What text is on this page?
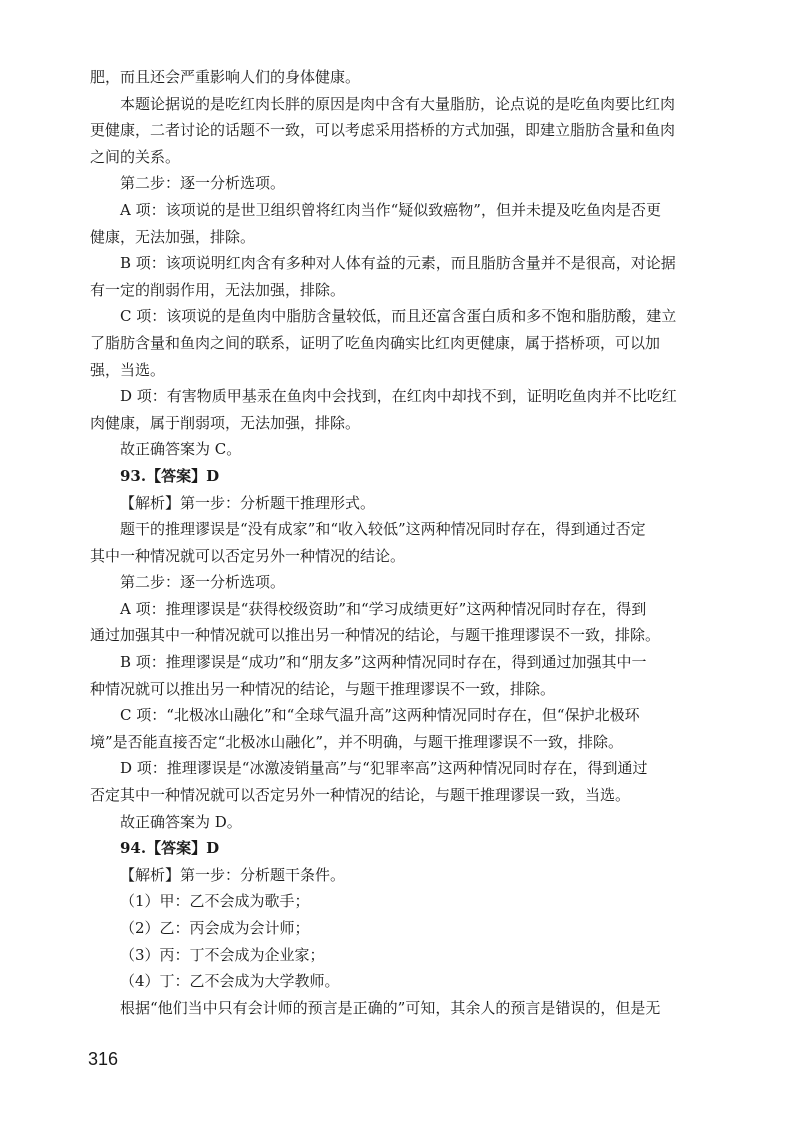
肥，而且还会严重影响人们的身体健康。

本题论据说的是吃红肉长胖的原因是肉中含有大量脂肪，论点说的是吃鱼肉要比红肉

更健康，二者讨论的话题不一致，可以考虑采用搭桥的方式加强，即建立脂肪含量和鱼肉

之间的关系。

第二步：逐一分析选项。

A 项：该项说的是世卫组织曾将红肉当作“疑似致癌物”，但并未提及吃鱼肉是否更

健康，无法加强，排除。

B 项：该项说明红肉含有多种对人体有益的元素，而且脂肪含量并不是很高，对论据

有一定的削弱作用，无法加强，排除。

C 项：该项说的是鱼肉中脂肪含量较低，而且还富含蛋白质和多不饱和脂肪酸，建立

了脂肪含量和鱼肉之间的联系，证明了吃鱼肉确实比红肉更健康，属于搭桥项，可以加

强，当选。

D 项：有害物质甲基汞在鱼肉中会找到，在红肉中却找不到，证明吃鱼肉并不比吃红

肉健康，属于削弱项，无法加强，排除。

故正确答案为 C。

93.【答案】D

【解析】第一步：分析题干推理形式。

题干的推理谬误是“没有成家”和“收入较低”这两种情况同时存在，得到通过否定

其中一种情况就可以否定另外一种情况的结论。

第二步：逐一分析选项。

A 项：推理谬误是“获得校级资助”和“学习成绩更好”这两种情况同时存在，得到

通过加强其中一种情况就可以推出另一种情况的结论，与题干推理谬误不一致，排除。

B 项：推理谬误是“成功”和“朋友多”这两种情况同时存在，得到通过加强其中一

种情况就可以推出另一种情况的结论，与题干推理谬误不一致，排除。

C 项：“北极冰山融化”和“全球气温升高”这两种情况同时存在，但“保护北极环

境”是否能直接否定“北极冰山融化”，并不明确，与题干推理谬误不一致，排除。

D 项：推理谬误是“冰激凌销量高”与“犯罪率高”这两种情况同时存在，得到通过

否定其中一种情况就可以否定另外一种情况的结论，与题干推理谬误一致，当选。

故正确答案为 D。

94.【答案】D

【解析】第一步：分析题干条件。

（1）甲：乙不会成为歌手；

（2）乙：丙会成为会计师；

（3）丙：丁不会成为企业家；

（4）丁：乙不会成为大学教师。

根据“他们当中只有会计师的预言是正确的”可知，其余人的预言是错误的，但是无

316
